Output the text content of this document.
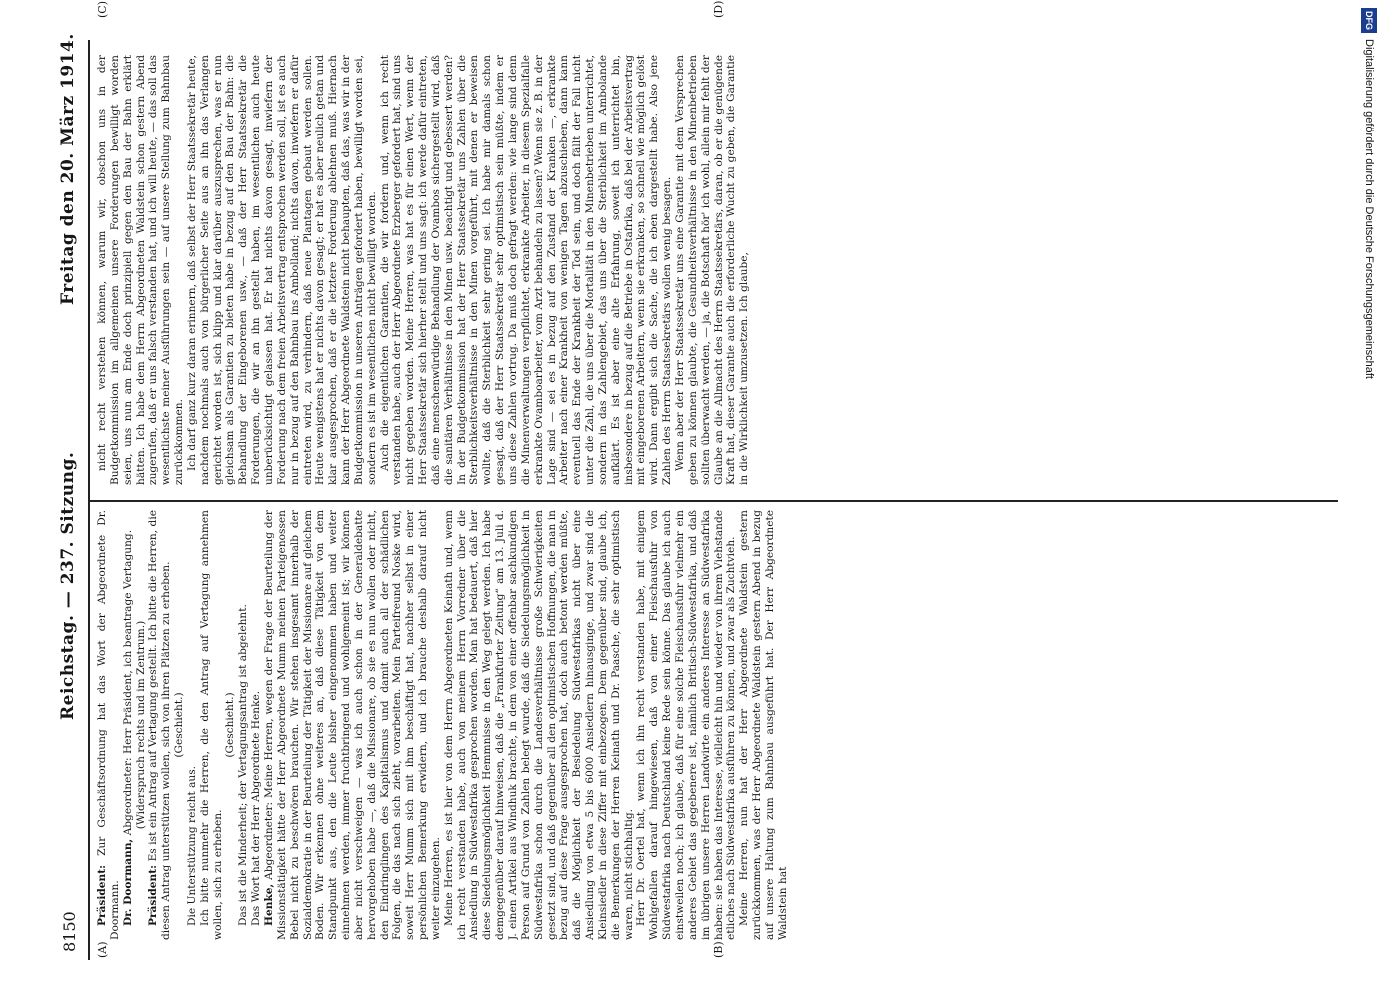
8150
Reichstag. — 237. Sitzung.
Freitag den 20. März 1914.
(A)	(B)
(C)	(D)

Präsident: Zur Geschäftsordnung hat das Wort der Abgeordnete Dr. Doormann. Dr. Doormann, Abgeordneter: Herr Präsident, ich beantrage Vertagung. (Widerspruch rechts und im Zentrum.)

Präsident: Es ist ein Antrag auf Vertagung gestellt. Ich bitte die Herren, die diesen Antrag unterstützen wollen, sich von ihren Plätzen zu erheben. (Geschieht.)

Die Unterstützung reicht aus. Ich bitte nunmehr die Herren, die den Antrag auf Vertagung annehmen wollen, sich zu erheben.

(Geschieht.) Das ist die Minderheit; der Vertagungsantrag ist abgelehnt. Das Wort hat der Herr Abgeordnete Henke. Henke, Abgeordneter: Meine Herren, wegen der Frage der Beurteilung der Missionstätigkeit hätte der Herr Abgeordnete Mumm meinen Parteigenossen Bebel nicht zu beschwören brauchen. Wir stehen insgesamt innerhalb der Sozialdemokratie in der Beurteilung der Tätigkeit der Missionare auf gleichem Boden. Wir erkennen ohne weiteres an, daß diese Tätigkeit von dem Standpunkt aus, den die Leute bisher eingenommen haben und weiter einnehmen werden, immer fruchtbringend und wohlgemeint ist; wir können aber nicht verschweigen — was ich auch schon in der Generaldebatte hervorgehoben habe —, daß die Missionare, ob sie es nun wollen oder nicht, den Eindringlingen des Kapitalismus und damit auch all der schädlichen Folgen, die das nach sich zieht, vorarbeiten. Mein Parteifreund Noske wird, soweit Herr Mumm sich mit ihm beschäftigt hat, nachher selbst in einer persönlichen Bemerkung erwidern, und ich brauche deshalb darauf nicht weiter einzugehen. Meine Herren, es ist hier von dem Herrn Abgeordneten Keinath und, wenn ich recht verstanden habe, auch von meinem Herrn Vorredner über die Ansiedlung in Südwestafrika gesprochen worden. Man hat bedauert, daß hier diese Siedelungsmöglichkeit Hemmnisse in den Weg gelegt werden. Ich habe demgegenüber darauf hinweisen, daß die „Frankfurter Zeitung“ am 13. Juli d. J. einen Artikel aus Windhuk brachte, in dem von einer offenbar sachkundigen Person auf Grund von Zahlen belegt wurde, daß die Siedelungsmöglichkeit in Südwestafrika schon durch die Landesverhältnisse große Schwierigkeiten gesetzt sind, und daß gegenüber all den optimistischen Hoffnungen, die man in bezug auf diese Frage ausgesprochen hat, doch auch betont werden müßte, daß die Möglichkeit der Besiedelung Südwestafrikas nicht über eine Ansiedlung von etwa 5 bis 6000 Ansiedlern hinausginge, und zwar sind die Kleinsiedler in diese Ziffer mit einbezogen. Dem gegenüber sind, glaube ich, die Bemerkungen der Herren Keinath und Dr. Paasche, die sehr optimistisch waren, nicht stichhaltig. Herr Dr. Oertel hat, wenn ich ihn recht verstanden habe, mit einigem Wohlgefallen darauf hingewiesen, daß von einer Fleischausfuhr von Südwestafrika nach Deutschland keine Rede sein könne. Das glaube ich auch einstweilen noch; ich glaube, daß für eine solche Fleischausfuhr vielmehr ein anderes Gebiet das gegebenere ist, nämlich Britisch-Südwestafrika, und daß im übrigen unsere Herren Landwirte ein anderes Interesse an Südwestafrika haben: sie haben das Interesse, vielleicht hin und wieder von ihrem Viehstande etliches nach Südwestafrika ausführen zu können, und zwar als Zuchtvieh. Meine Herren, nun hat der Herr Abgeordnete Waldstein gestern zurückkommen, was der Herr Abgeordnete Waldstein gestern Abend in bezug auf unsere Haltung zum Bahnbau ausgeführt hat. Der Herr Abgeordnete Waldstein hat

nicht recht verstehen können, warum wir, obschon uns in der Budgetkommission im allgemeinen unsere Forderungen bewilligt worden seien, uns nun am Ende doch prinzipiell gegen den Bau der Bahn erklärt hätten. Ich habe dem Herrn Abgeordneten Waldstein schon gestern Abend zugerufen, daß er uns falsch verstanden hat, und ich will heute, — das soll das wesentlichste meiner Ausführungen sein — auf unsere Stellung zum Bahnbau zurückkommen. Ich darf ganz kurz daran erinnern, daß selbst der Herr Staatssekretär heute, nachdem nochmals auch von bürgerlicher Seite aus an ihn das Verlangen gerichtet worden ist, sich klipp und klar darüber auszusprechen, was er nun gleichsam als Garantien zu bieten habe in bezug auf den Bau der Bahn: die Behandlung der Eingeborenen usw., — daß der Herr Staatssekretär die Forderungen, die wir an ihn gestellt haben, im wesentlichen auch heute unberücksichtigt gelassen hat. Er hat nichts davon gesagt, inwiefern der Forderung nach dem freien Arbeitsvertrag entsprochen werden soll, ist es auch nur in bezug auf den Bahnbau ins Ambolland; nichts davon, inwiefern er dafür eintreten wird, zu verhindern, daß neue Plantagen gebaut werden sollen. Heute wenigstens hat er nichts davon gesagt; er hat es aber neulich getan und klar ausgesprochen, daß er die letztere Forderung ablehnen muß. Hiernach kann der Herr Abgeordnete Waldstein nicht behaupten, daß das, was wir in der Budgetkommission in unseren Anträgen gefordert haben, bewilligt worden sei, sondern es ist im wesentlichen nicht bewilligt worden. Auch die eigentlichen Garantien, die wir fordern und, wenn ich recht verstanden habe, auch der Herr Abgeordnete Erzberger gefordert hat, sind uns nicht gegeben worden. Meine Herren, was hat es für einen Wert, wenn der Herr Staatssekretär sich hierher stellt und uns sagt: ich werde dafür eintreten, daß eine menschenwürdige Behandlung der Ovambos sichergestellt wird, daß die sanitären Verhältnisse in den Minen usw. beachtigt und gebessert werden? In der Budgetkommission hat der Herr Staatssekretär uns Zahlen über die Sterblichkeitsverhältnisse in den Minen vorgeführt, mit denen er beweisen wollte, daß die Sterblichkeit sehr gering sei. Ich habe mir damals schon gesagt, daß der Herr Staatssekretär sehr optimistisch sein müßte, indem er uns diese Zahlen vortrug. Da muß doch gefragt werden: wie lange sind denn die Minenverwaltungen verpflichtet, erkrankte Arbeiter, in diesem Spezialfalle erkrankte Ovamboarbeiter, vom Arzt behandeln zu lassen? Wenn sie z. B. in der Lage sind — sei es in bezug auf den Zustand der Kranken —, erkrankte Arbeiter nach einer Krankheit von wenigen Tagen abzuschieben, dann kann eventuell das Ende der Krankheit der Tod sein, und doch fällt der Fall nicht unter die Zahl, die uns über die Mortalität in den Minenbetrieben unterrichtet, sondern in das Zahlengebiet, das uns über die Sterblichkeit im Ambolande aufklärt. Es ist aber eine alte Erfahrung, soweit ich unterrichtet bin, insbesondere in bezug auf die Betriebe in Ostafrika, daß bei der Arbeitsvertrag mit eingeborenen Arbeitern, wenn sie erkranken, so schnell wie möglich gelöst wird. Dann ergibt sich die Sache, die ich eben dargestellt habe. Also jene Zahlen des Herrn Staatssekretärs wollen wenig besagen. Wenn aber der Herr Staatssekretär uns eine Garantie mit dem Versprechen geben zu können glaubte, die Gesundheitsverhältnisse in den Minenbetrieben sollten überwacht werden, — ja, die Botschaft hör' ich wohl, allein mir fehlt der Glaube an die Allmacht des Herrn Staatssekretärs, daran, ob er die genügende Kraft hat, dieser Garantie auch die erforderliche Wucht zu geben, die Garantie in die Wirklichkeit umzusetzen. Ich glaube,

DFGDigitalisierung gefördert durch die Deutsche Forschungsgemeinschaft
